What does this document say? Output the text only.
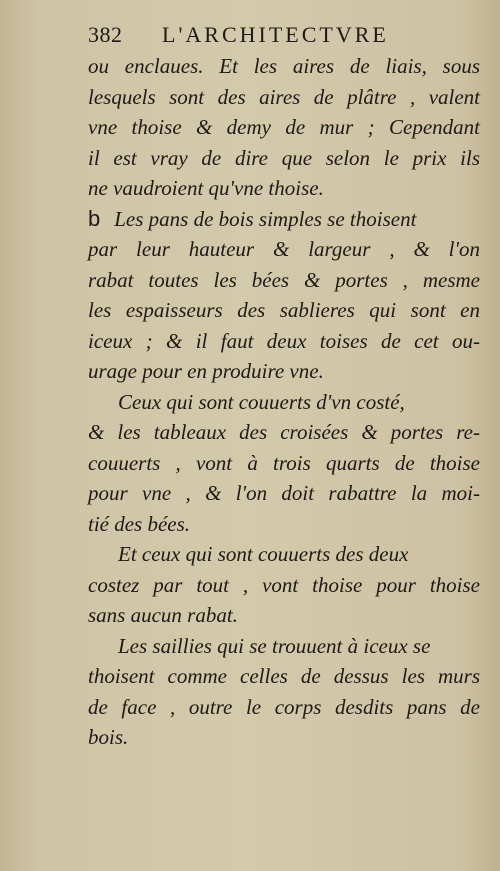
382 L'ARCHITECTVRE
ou enclaues. Et les aires de liais, sous
lesquels sont des aires de plâtre , valent
vne thoise & demy de mur ; Cependant
il est vray de dire que selon le prix ils
ne vaudroient qu'vne thoise.
b Les pans de bois simples se thoisent
par leur hauteur & largeur , & l'on
rabat toutes les bées & portes , mesme
les espaisseurs des sablieres qui sont en
iceux ; & il faut deux toises de cet ou-
urage pour en produire vne.
Ceux qui sont couuerts d'vn costé,
& les tableaux des croisées & portes re-
couuerts , vont à trois quarts de thoise
pour vne , & l'on doit rabattre la moi-
tié des bées.
Et ceux qui sont couuerts des deux
costez par tout , vont thoise pour thoise
sans aucun rabat.
Les saillies qui se trouuent à iceux se
thoisent comme celles de dessus les murs
de face , outre le corps desdits pans de
bois.
